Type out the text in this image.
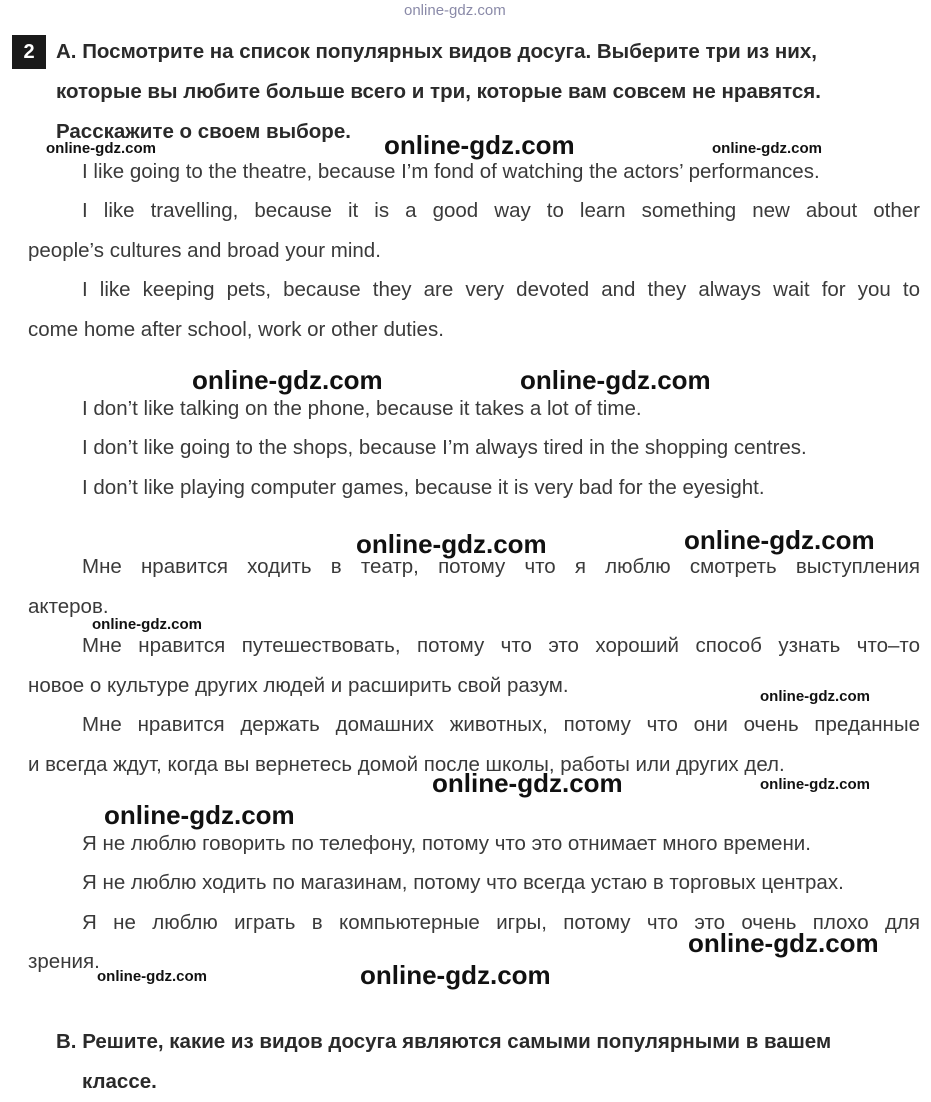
online-gdz.com
2	A. Посмотрите на список популярных видов досуга. Выберите три из них,
которые вы любите больше всего и три, которые вам совсем не нравятся.
Расскажите о своем выборе.
I like going to the theatre, because I’m fond of watching the actors’ performances.
I like travelling, because it is a good way to learn something new about other
people’s cultures and broad your mind.
I like keeping pets, because they are very devoted and they always wait for you to
come home after school, work or other duties.
I don’t like talking on the phone, because it takes a lot of time.
I don’t like going to the shops, because I’m always tired in the shopping centres.
I don’t like playing computer games, because it is very bad for the eyesight.
Мне нравится ходить в театр, потому что я люблю смотреть выступления
актеров.
Мне нравится путешествовать, потому что это хороший способ узнать что–то
новое о культуре других людей и расширить свой разум.
Мне нравится держать домашних животных, потому что они очень преданные
и всегда ждут, когда вы вернетесь домой после школы, работы или других дел.
Я не люблю говорить по телефону, потому что это отнимает много времени.
Я не люблю ходить по магазинам, потому что всегда устаю в торговых центрах.
Я не люблю играть в компьютерные игры, потому что это очень плохо для
зрения.
B. Решите, какие из видов досуга являются самыми популярными в вашем
классе.
online-gdz.com
online-gdz.com	online-gdz.com
online-gdz.com	online-gdz.com
online-gdz.com	online-gdz.com
online-gdz.com
online-gdz.com
online-gdz.com	online-gdz.com
online-gdz.com
online-gdz.com
online-gdz.com	online-gdz.com
